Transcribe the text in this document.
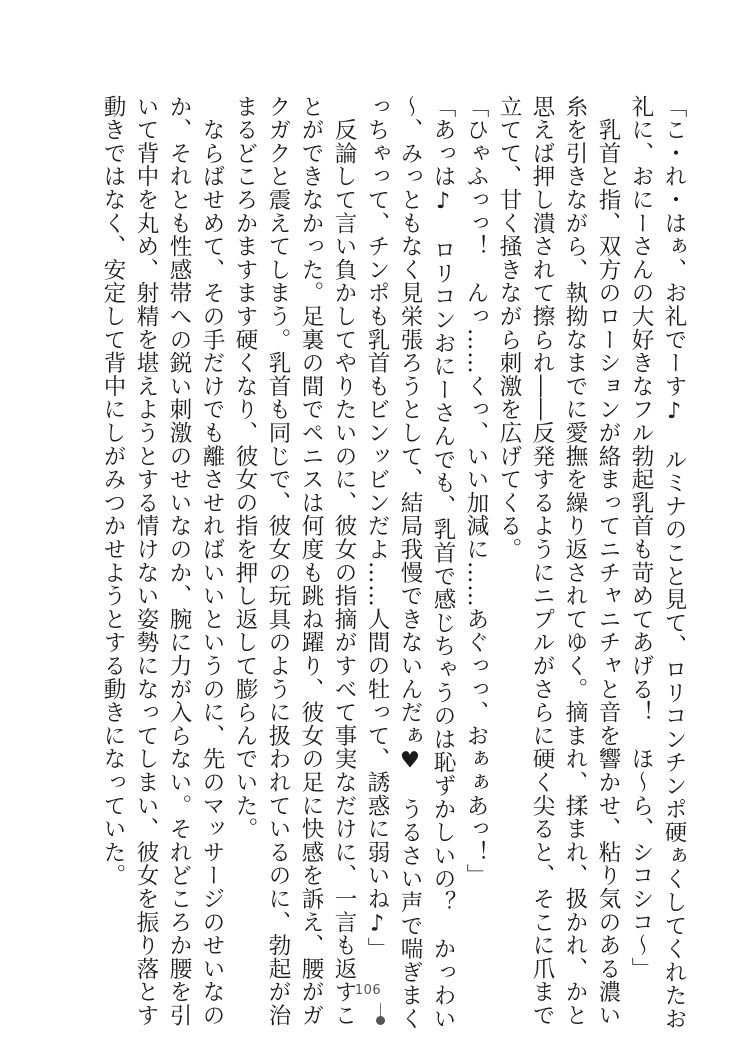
「こ・れ・はぁ、お礼でーす♪　ルミナのこと見て、ロリコンチンポ硬ぁくしてくれたお

礼に、おにーさんの大好きなフル勃起乳首も苛めてあげる！　ほ～ら、シコシコ～」

　乳首と指、双方のローションが絡まってニチャニチャと音を響かせ、粘り気のある濃い

糸を引きながら、執拗なまでに愛撫を繰り返されてゆく。摘まれ、揉まれ、扱かれ、かと

思えば押し潰されて擦られ――反発するようにニプルがさらに硬く尖ると、そこに爪まで

立てて、甘く掻きながら刺激を広げてくる。

「ひゃふっっ！　んっ……くっ、いい加減に……あぐっっ、おぁぁあっ！」

「あっは♪　ロリコンおにーさんでも、乳首で感じちゃうのは恥ずかしいの？　かっわい

～、みっともなく見栄張ろうとして、結局我慢できないんだぁ♥　うるさい声で喘ぎまく

っちゃって、チンポも乳首もビンッビンだよ……人間の牡って、誘惑に弱いね♪」

　反論して言い負かしてやりたいのに、彼女の指摘がすべて事実なだけに、一言も返すこ

とができなかった。足裏の間でペニスは何度も跳ね躍り、彼女の足に快感を訴え、腰がガ

クガクと震えてしまう。乳首も同じで、彼女の玩具のように扱われているのに、勃起が治

まるどころかますます硬くなり、彼女の指を押し返して膨らんでいた。

　ならばせめて、その手だけでも離させればいいというのに、先のマッサージのせいなの

か、それとも性感帯への鋭い刺激のせいなのか、腕に力が入らない。それどころか腰を引

いて背中を丸め、射精を堪えようとする情けない姿勢になってしまい、彼女を振り落とす

動きではなく、安定して背中にしがみつかせようとする動きになっていた。

106
